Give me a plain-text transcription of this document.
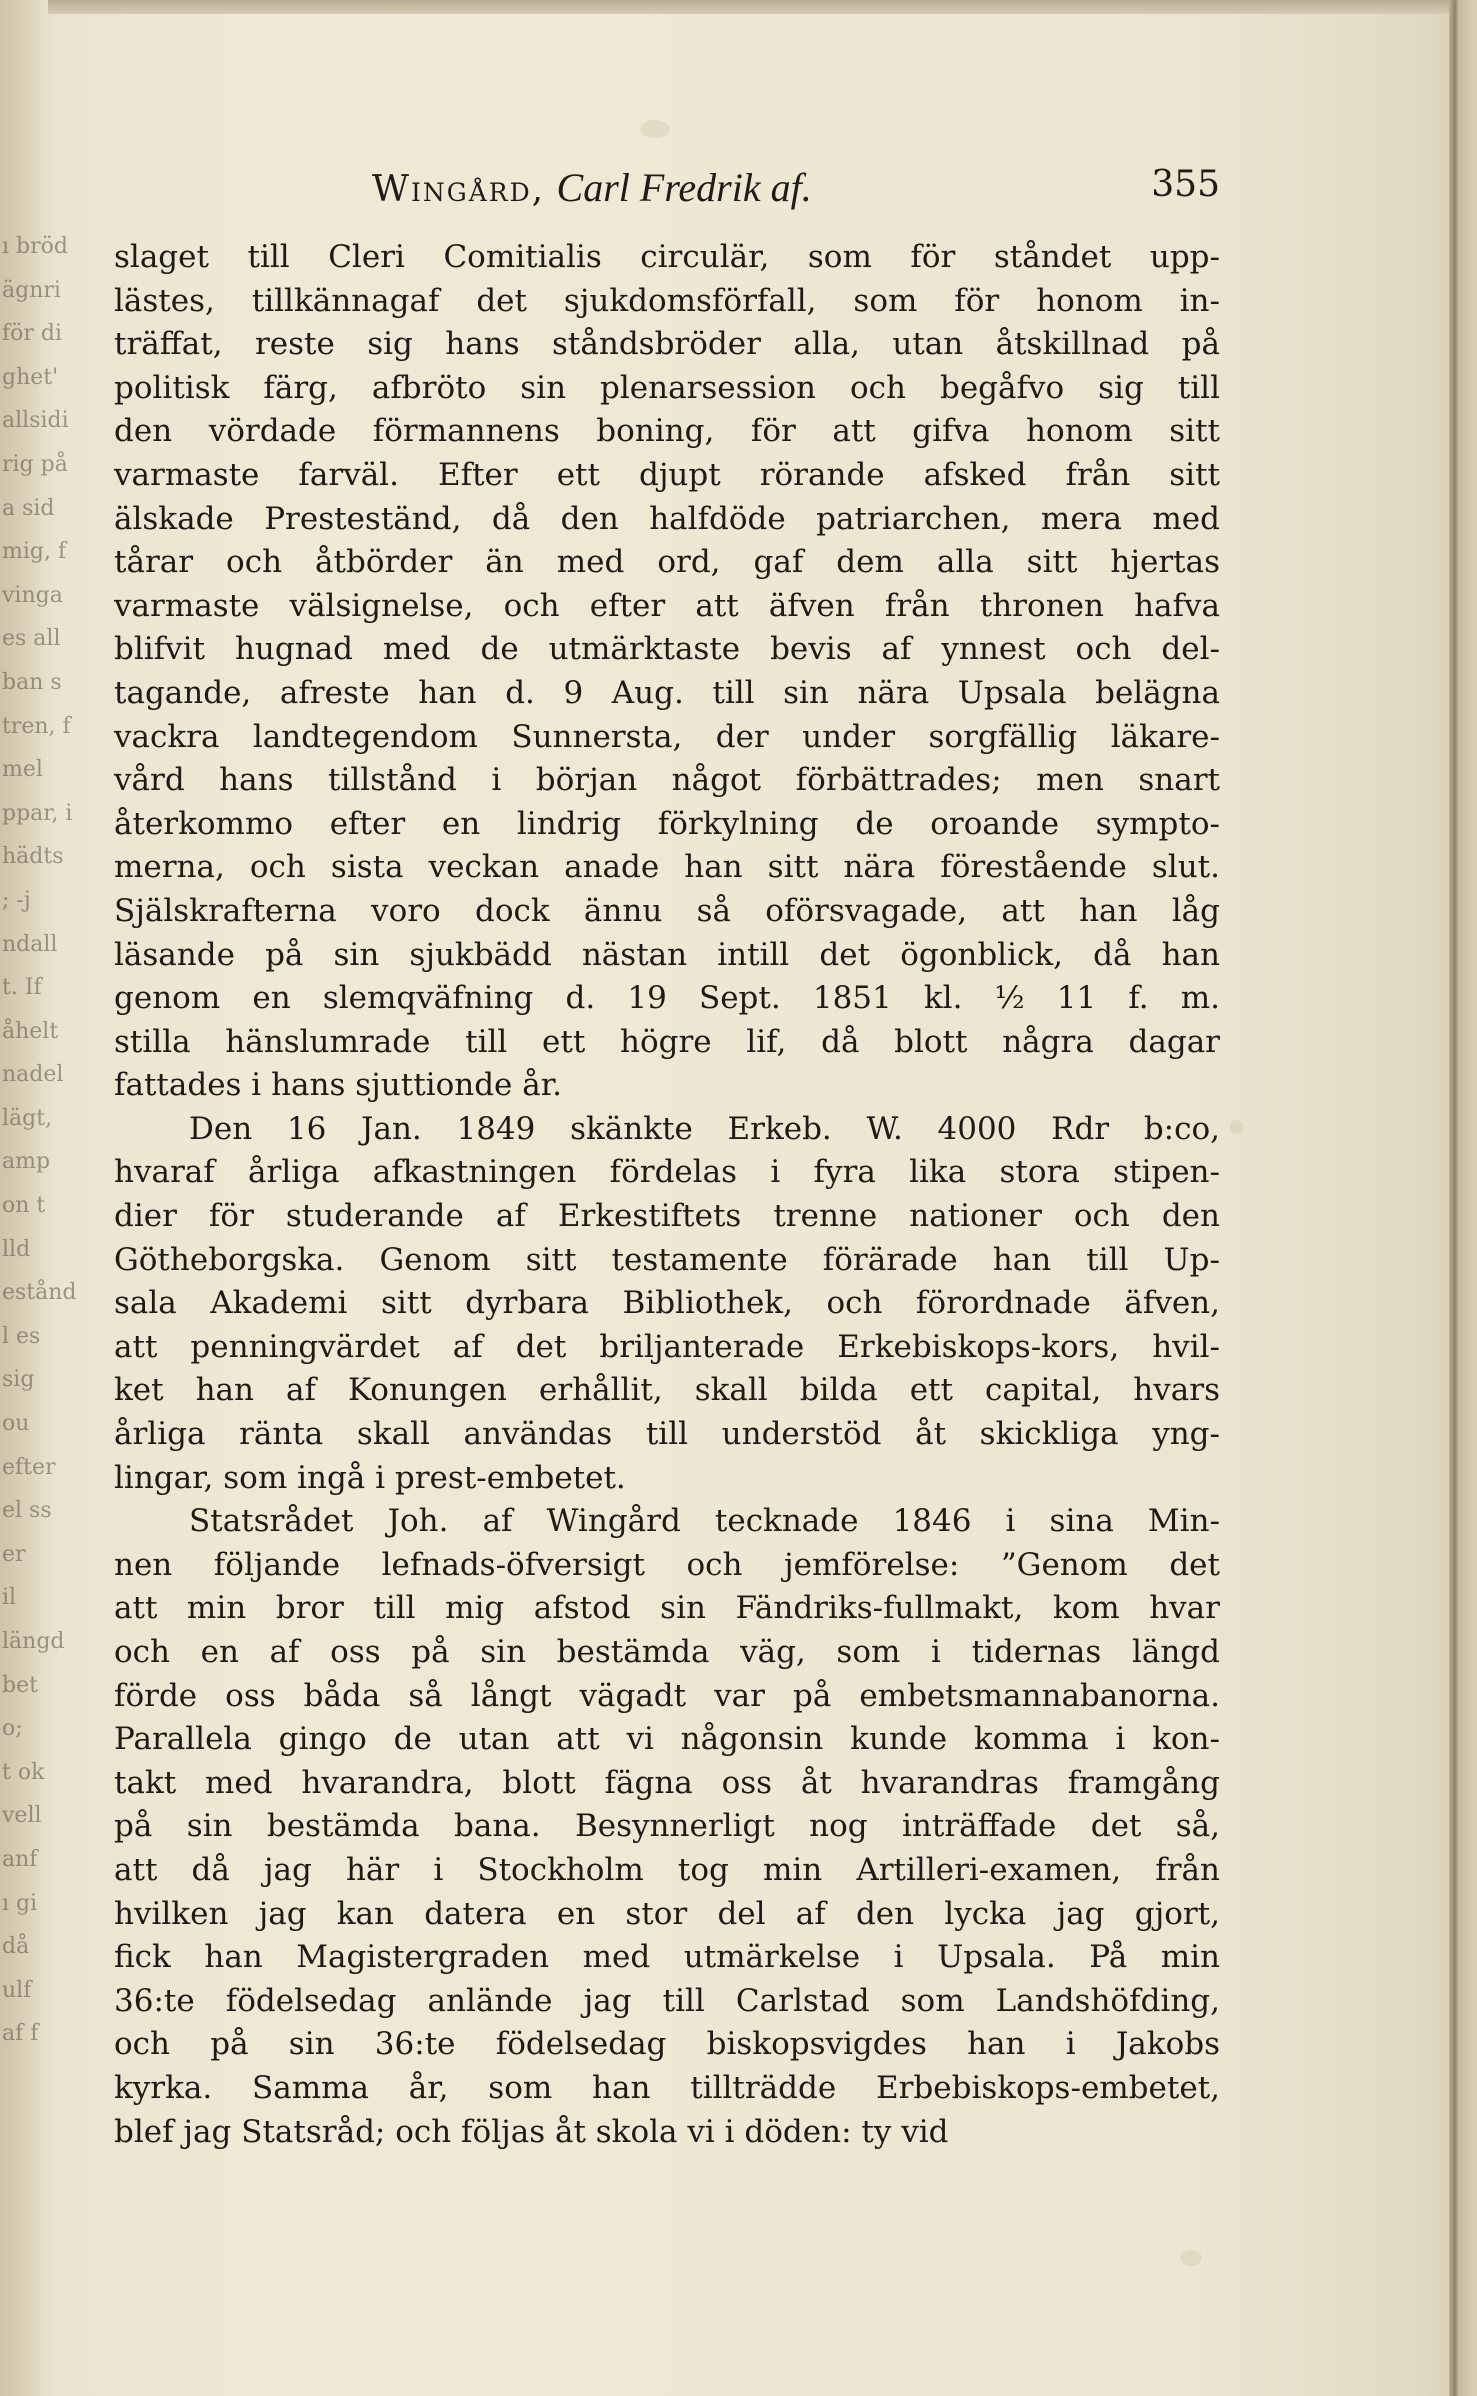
ı bröd
ägnri
för di
ghet'
allsidi
rig på
a sid
mig, f
vinga
es all
ban s
tren, f
mel
ppar, i
hädts
; -j
ndall
t. If
åhelt
nadel
lägt,
amp
on t
lld
estånd
l es
sig
ou
efter
el ss
er
il
längd
bet
o;
t ok
vell
anf
ı gi
då
ulf
af f
Wingård, Carl Fredrik af.	355
slaget till Cleri Comitialis circulär, som för ståndet upp-
lästes, tillkännagaf det sjukdomsförfall, som för honom in-
träffat, reste sig hans ståndsbröder alla, utan åtskillnad på
politisk färg, afbröto sin plenarsession och begåfvo sig till
den vördade förmannens boning, för att gifva honom sitt
varmaste farväl. Efter ett djupt rörande afsked från sitt
älskade Presteständ, då den halfdöde patriarchen, mera med
tårar och åtbörder än med ord, gaf dem alla sitt hjertas
varmaste välsignelse, och efter att äfven från thronen hafva
blifvit hugnad med de utmärktaste bevis af ynnest och del-
tagande, afreste han d. 9 Aug. till sin nära Upsala belägna
vackra landtegendom Sunnersta, der under sorgfällig läkare-
vård hans tillstånd i början något förbättrades; men snart
återkommo efter en lindrig förkylning de oroande sympto-
merna, och sista veckan anade han sitt nära förestående slut.
Själskrafterna voro dock ännu så oförsvagade, att han låg
läsande på sin sjukbädd nästan intill det ögonblick, då han
genom en slemqväfning d. 19 Sept. 1851 kl. ½ 11 f. m.
stilla hänslumrade till ett högre lif, då blott några dagar
fattades i hans sjuttionde år.
Den 16 Jan. 1849 skänkte Erkeb. W. 4000 Rdr b:co,
hvaraf årliga afkastningen fördelas i fyra lika stora stipen-
dier för studerande af Erkestiftets trenne nationer och den
Götheborgska. Genom sitt testamente förärade han till Up-
sala Akademi sitt dyrbara Bibliothek, och förordnade äfven,
att penningvärdet af det briljanterade Erkebiskops-kors, hvil-
ket han af Konungen erhållit, skall bilda ett capital, hvars
årliga ränta skall användas till understöd åt skickliga yng-
lingar, som ingå i prest-embetet.
Statsrådet Joh. af Wingård tecknade 1846 i sina Min-
nen följande lefnads-öfversigt och jemförelse: ”Genom det
att min bror till mig afstod sin Fändriks-fullmakt, kom hvar
och en af oss på sin bestämda väg, som i tidernas längd
förde oss båda så långt vägadt var på embetsmannabanorna.
Parallela gingo de utan att vi någonsin kunde komma i kon-
takt med hvarandra, blott fägna oss åt hvarandras framgång
på sin bestämda bana. Besynnerligt nog inträffade det så,
att då jag här i Stockholm tog min Artilleri-examen, från
hvilken jag kan datera en stor del af den lycka jag gjort,
fick han Magistergraden med utmärkelse i Upsala. På min
36:te födelsedag anlände jag till Carlstad som Landshöfding,
och på sin 36:te födelsedag biskopsvigdes han i Jakobs
kyrka. Samma år, som han tillträdde Erbebiskops-embetet,
blef jag Statsråd; och följas åt skola vi i döden: ty vid
